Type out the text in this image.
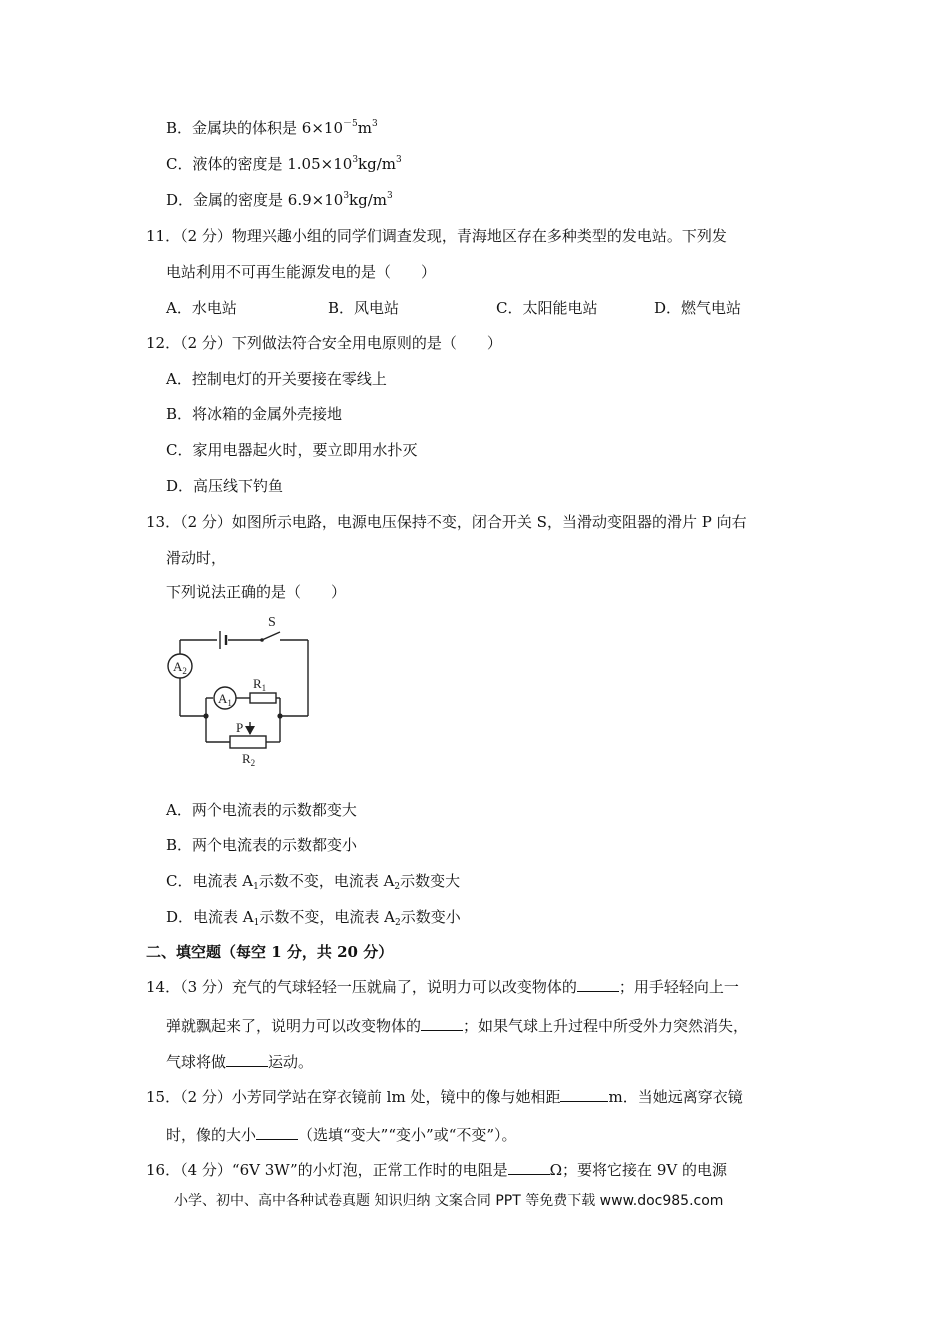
B．金属块的体积是 $6\times 10^{-5}m^3$
C．液体的密度是 $1.05\times 10^3kg/m^3$
D．金属的密度是 $6.9\times 10^3kg/m^3$
11．（2 分）物理兴趣小组的同学们调查发现，青海地区存在多种类型的发电站。下列发
电站利用不可再生能源发电的是（　　）
A．水电站	B．风电站	C．太阳能电站	D．燃气电站
12．（2 分）下列做法符合安全用电原则的是（　　）
A．控制电灯的开关要接在零线上
B．将冰箱的金属外壳接地
C．家用电器起火时，要立即用水扑灭
D．高压线下钓鱼
13．（2 分）如图所示电路，电源电压保持不变，闭合开关 S，当滑动变阻器的滑片 P 向右
滑动时，
下列说法正确的是（　　）
S
$A_2$
$A_1$
$R_1$
P
$R_2$
A．两个电流表的示数都变大
B．两个电流表的示数都变小
C．电流表 $A_1$示数不变，电流表 $A_2$示数变大
D．电流表 $A_1$示数不变，电流表 $A_2$示数变小
二、填空题（每空 1 分，共 20 分）
14．（3 分）充气的气球轻轻一压就扁了，说明力可以改变物体的	；用手轻轻向上一
弹就飘起来了，说明力可以改变物体的	；如果气球上升过程中所受外力突然消失，
气球将做	运动。
15．（2 分）小芳同学站在穿衣镜前 lm 处，镜中的像与她相距	m．当她远离穿衣镜
时，像的大小	（选填“变大”“变小”或“不变”）。
16．（4 分）“6V 3W”的小灯泡，正常工作时的电阻是	Ω；要将它接在 9V 的电源
小学、初中、高中各种试卷真题 知识归纳 文案合同 PPT 等免费下载 www.doc985.com
